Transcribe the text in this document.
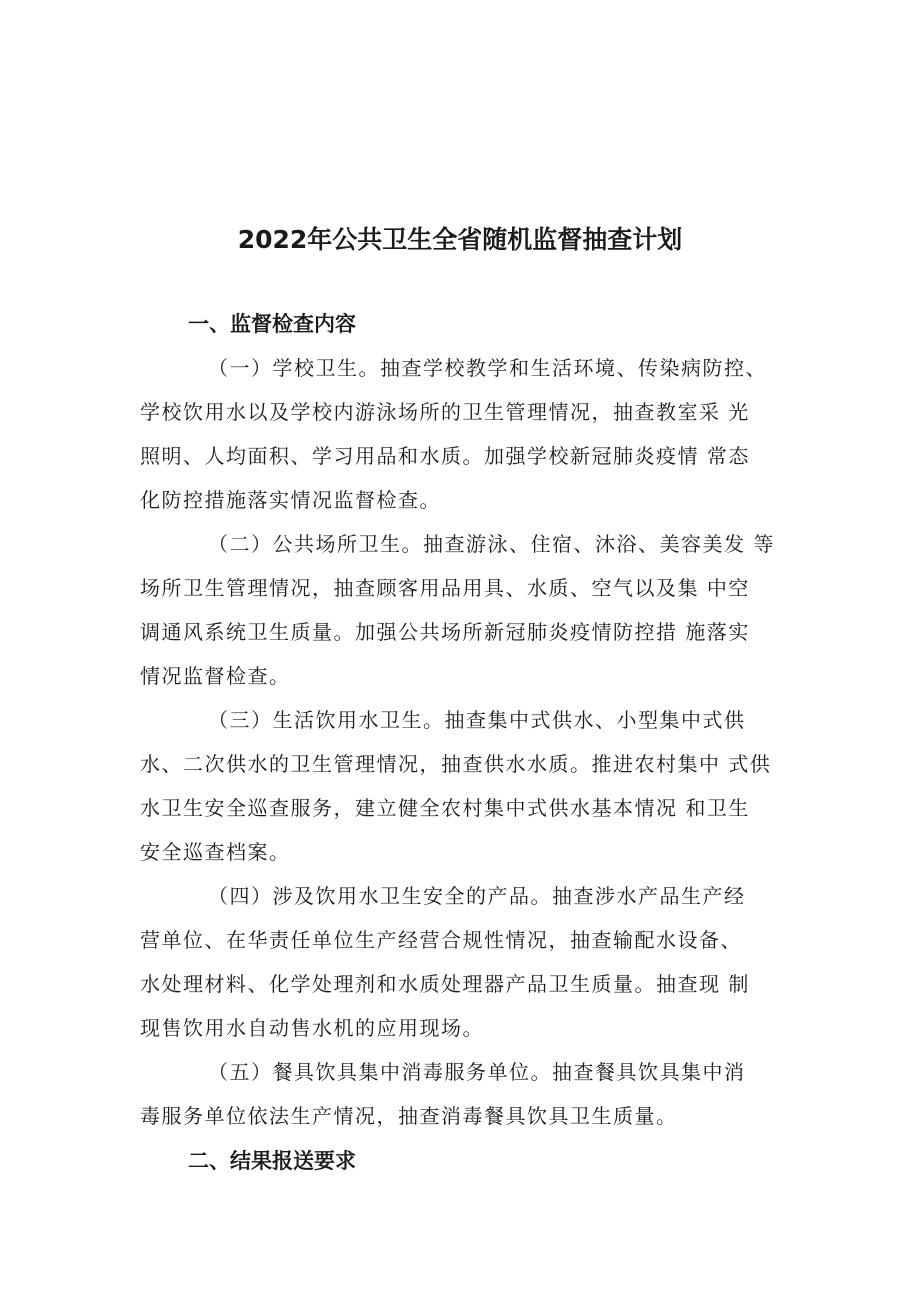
2022年公共卫生全省随机监督抽查计划
一、监督检查内容
（一）学校卫生。抽查学校教学和生活环境、传染病防控、
学校饮用水以及学校内游泳场所的卫生管理情况，抽查教室采 光
照明、人均面积、学习用品和水质。加强学校新冠肺炎疫情 常态
化防控措施落实情况监督检查。
（二）公共场所卫生。抽查游泳、住宿、沐浴、美容美发 等
场所卫生管理情况，抽查顾客用品用具、水质、空气以及集 中空
调通风系统卫生质量。加强公共场所新冠肺炎疫情防控措 施落实
情况监督检查。
（三）生活饮用水卫生。抽查集中式供水、小型集中式供
水、二次供水的卫生管理情况，抽查供水水质。推进农村集中 式供
水卫生安全巡查服务，建立健全农村集中式供水基本情况 和卫生
安全巡查档案。
（四）涉及饮用水卫生安全的产品。抽查涉水产品生产经
营单位、在华责任单位生产经营合规性情况，抽查输配水设备、
水处理材料、化学处理剂和水质处理器产品卫生质量。抽查现 制
现售饮用水自动售水机的应用现场。
（五）餐具饮具集中消毒服务单位。抽查餐具饮具集中消
毒服务单位依法生产情况，抽查消毒餐具饮具卫生质量。
二、结果报送要求
